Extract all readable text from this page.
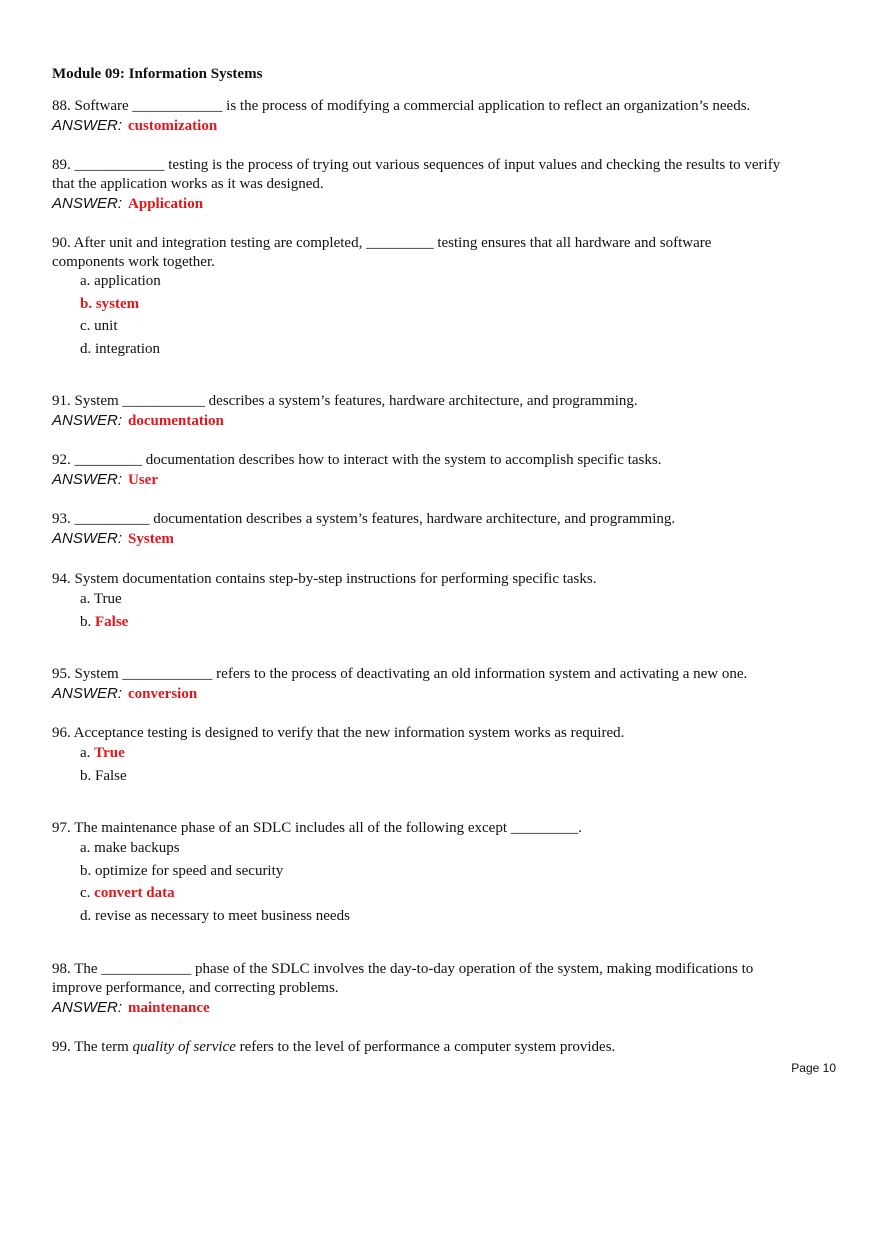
Module 09: Information Systems
88. Software ____________ is the process of modifying a commercial application to reflect an organization’s needs.
ANSWER: customization
89. ____________ testing is the process of trying out various sequences of input values and checking the results to verify
that the application works as it was designed.
ANSWER: Application
90. After unit and integration testing are completed, _________ testing ensures that all hardware and software
components work together.
a. application
b. system
c. unit
d. integration
91. System ___________ describes a system’s features, hardware architecture, and programming.
ANSWER: documentation
92. _________ documentation describes how to interact with the system to accomplish specific tasks.
ANSWER: User
93. __________ documentation describes a system’s features, hardware architecture, and programming.
ANSWER: System
94. System documentation contains step-by-step instructions for performing specific tasks.
a. True
b. False
95. System ____________ refers to the process of deactivating an old information system and activating a new one.
ANSWER: conversion
96. Acceptance testing is designed to verify that the new information system works as required.
a. True
b. False
97. The maintenance phase of an SDLC includes all of the following except _________.
a. make backups
b. optimize for speed and security
c. convert data
d. revise as necessary to meet business needs
98. The ____________ phase of the SDLC involves the day-to-day operation of the system, making modifications to
improve performance, and correcting problems.
ANSWER: maintenance
99. The term quality of service refers to the level of performance a computer system provides.
Page 10
